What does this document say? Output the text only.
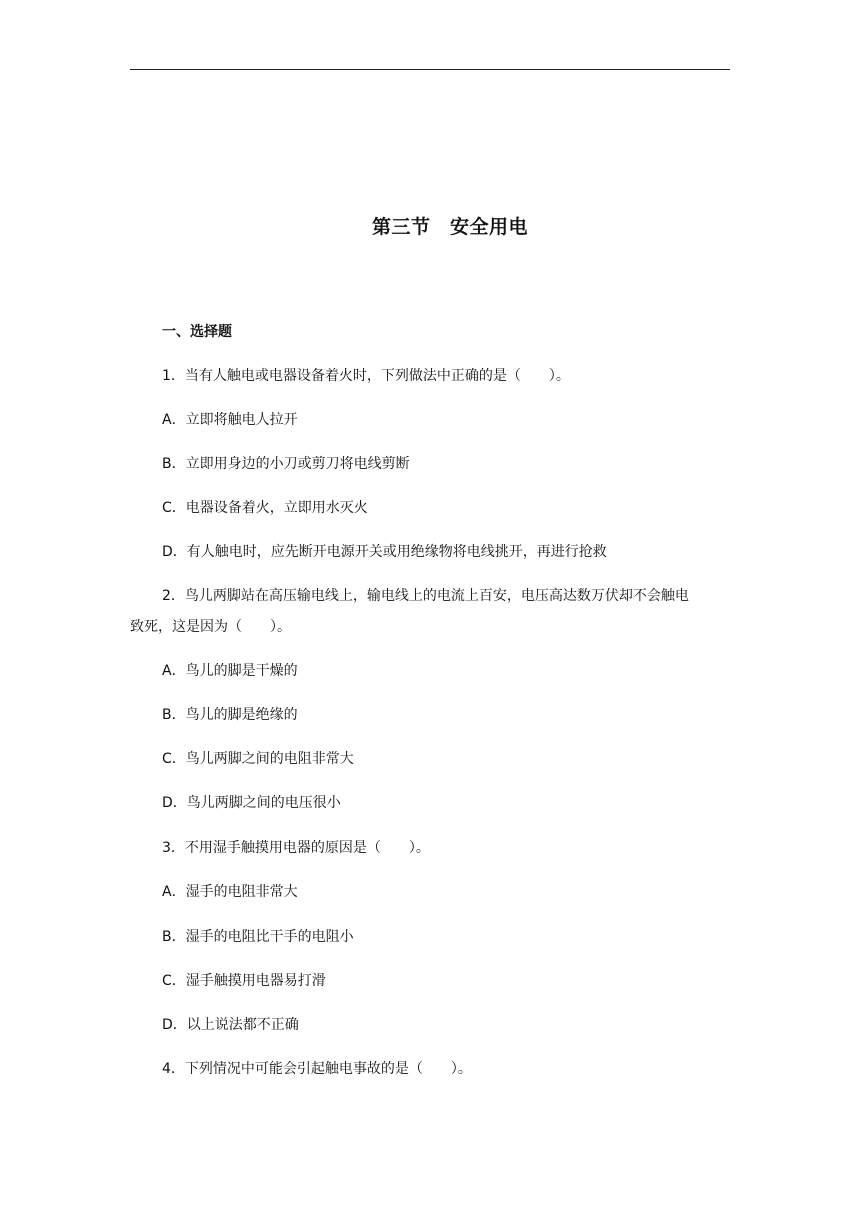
第三节　安全用电
一、选择题
1．当有人触电或电器设备着火时，下列做法中正确的是（　　）。
A．立即将触电人拉开
B．立即用身边的小刀或剪刀将电线剪断
C．电器设备着火，立即用水灭火
D．有人触电时，应先断开电源开关或用绝缘物将电线挑开，再进行抢救
2．鸟儿两脚站在高压输电线上，输电线上的电流上百安，电压高达数万伏却不会触电
致死，这是因为（　　）。
A．鸟儿的脚是干燥的
B．鸟儿的脚是绝缘的
C．鸟儿两脚之间的电阻非常大
D．鸟儿两脚之间的电压很小
3．不用湿手触摸用电器的原因是（　　）。
A．湿手的电阻非常大
B．湿手的电阻比干手的电阻小
C．湿手触摸用电器易打滑
D．以上说法都不正确
4．下列情况中可能会引起触电事故的是（　　）。
